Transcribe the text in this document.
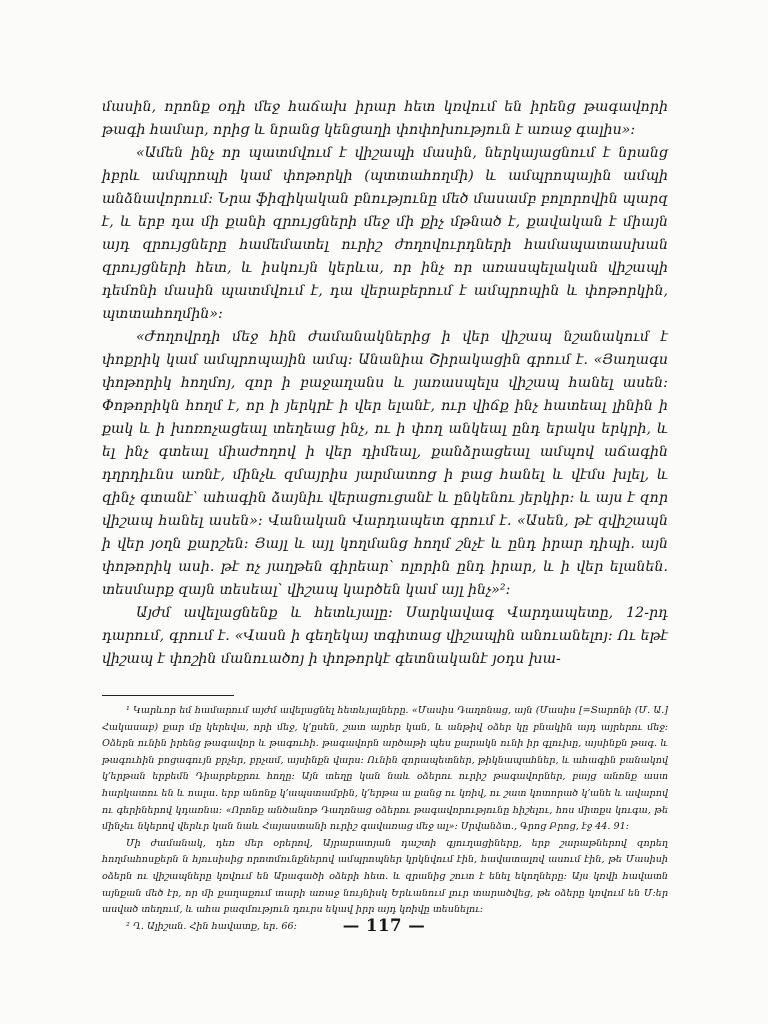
մասին, որոնք օդի մեջ հաճախ իրար հետ կռվում են իրենց թագավորի թագի համար, որից և նրանց կենցաղի փոփոխություն է առաջ գալիս»։

«Ամեն ինչ որ պատմվում է վիշապի մասին, ներկայացնում է նրանց իբրև ամպրոպի կամ փոթորկի (պտտահողմի) և ամպրոպային ամպի անձնավորում։ Նրա ֆիզիկական բնությունը մեծ մասամբ բոլորովին պարզ է, և երբ դա մի քանի զրույցների մեջ մի քիչ մթնած է, քավական է միայն այդ զրույցները համեմատել ուրիշ ժողովուրդների համապատասխան զրույցների հետ, և իսկույն կերևա, որ ինչ որ առասպելական վիշապի դեմոնի մասին պատմվում է, դա վերաբերում է ամպրոպին և փոթորկին, պտտահողմին»։

«Ժողովրդի մեջ հին ժամանակներից ի վեր վիշապ նշանակում է փոքրիկ կամ ամպրոպային ամպ։ Անանիա Շիրակացին գրում է. «Յաղագս փոթորիկ հողմոյ, զոր ի բաջաղանս և յառասպելս վիշապ հանել ասեն։ Փոթորիկն հողմ է, որ ի յերկրէ ի վեր ելանէ, ուր վիճք ինչ հատեալ լինին ի քակ և ի խոռոչացեալ տեղեաց ինչ, ու ի փող անկեալ ընդ երակս երկրի, և ել ինչ գտեալ միաժողով ի վեր դիմեալ, քանձրացեալ ամպով աճագին դղրդիւնս առնէ, մինչև զմայրիս յարմատոց ի բաց հանել և վէմս խլել, և զինչ գտանէ՝ ահագին ձայնիւ վերացուցանէ և ընկենու յերկիր։ և այս է զոր վիշապ հանել ասեն»։ Վանական Վարդապետ գրում է. «Ասեն, թէ զվիշապն ի վեր յօղն քարշեն։ Յայլ և այլ կողմանց հողմ շնչէ և ընդ իրար դիպի. այն փոթորիկ ասի. թէ ոչ յաղթեն գիրեար՝ ոլորին ընդ իրար, և ի վեր ելանեն. տեսմարք զայն տեսեալ՝ վիշապ կարծեն կամ այլ ինչ»²։

Այժմ ավելացնենք և հետևյալը։ Սարկավագ Վարդապետը, 12-րդ դարում, գրում է. «Վասն ի գեղեկայ տգիտաց վիշապին անուանելոյ։ Ու եթէ վիշապ է փոշին մանուածոյ ի փոթորկէ գետնականէ յօդս խա-

¹ Կարևոր եմ համարում այժմ ավելացնել հետևյալները. «Մասիս Դաղոնաց, այն (Մասիս [=Տարոնի (Մ. Ա.] Հակասաբ) քար մը կերեվա, որի մեջ, կ՚ըսեն, շատ այրեր կան, և անթիվ օձեր կը բնակին այդ այրերու մեջ։ Օձերն ունին իրենց թագավոր և թագուհի. թագավորն արծաթի պես քարակն ունի իր գլուխը, այսինքն թագ. և թագուհին բոցագույն բրչեր, բրչամ, այսինքն վարս։ Ունին զորապետներ, թիկնապահներ, և ահագին բանակով կ՚երթան երբեմն Դիարբեքրու հողը։ Այն տեղը կան նաև օձերու ուրիշ թագավորներ, բայց անոնք աստ հարկատու են և ոալա. երբ անոնք կ՚ապստամբին, կ՚երթա ա քանց ու կռիվ, ու շատ կոտորած կ՚անե և ավարով ու գերիներով կդառնա։ «Որոնք անծանոթ Դաղոնաց օձերու թագավորությունը հիշելու, հոս միտքս կուգա, թե մինչեւ նկերով վերևր կան նաև Հայաստանի ուրիշ գավառաց մեջ ալ»։ Սրվանձտ., Գրոց Բրոց, էջ 44. 91։

Մի ժամանակ, դեռ մեր օրերով, Այրարատյան դաշտի գյուղացիները, երբ շարաթներով զորեղ հողմահոսքերն ն հյուսիսից որոտմունքներով ամպրոպներ կրկնվում էին, հավատալով ասում էին, թե Մասիսի օձերն ու վիշապները կռվում են Արագածի օձերի հետ. և զրանից շուտ է ենել եկողները։ Այս կռվի հավատն այնքան մեծ էր, որ մի քաղաքում տարի առաջ նույնիսկ Երևանում լուր տարածվեց, թե օձերը կռվում են Մ։եր ասված տեղում, և ահա բազմություն դուրս եկավ իրր այդ կռիվը տեսնելու։

² Ղ. Ալիշան. Հին հավատք, եր. 66։	— 117 —
